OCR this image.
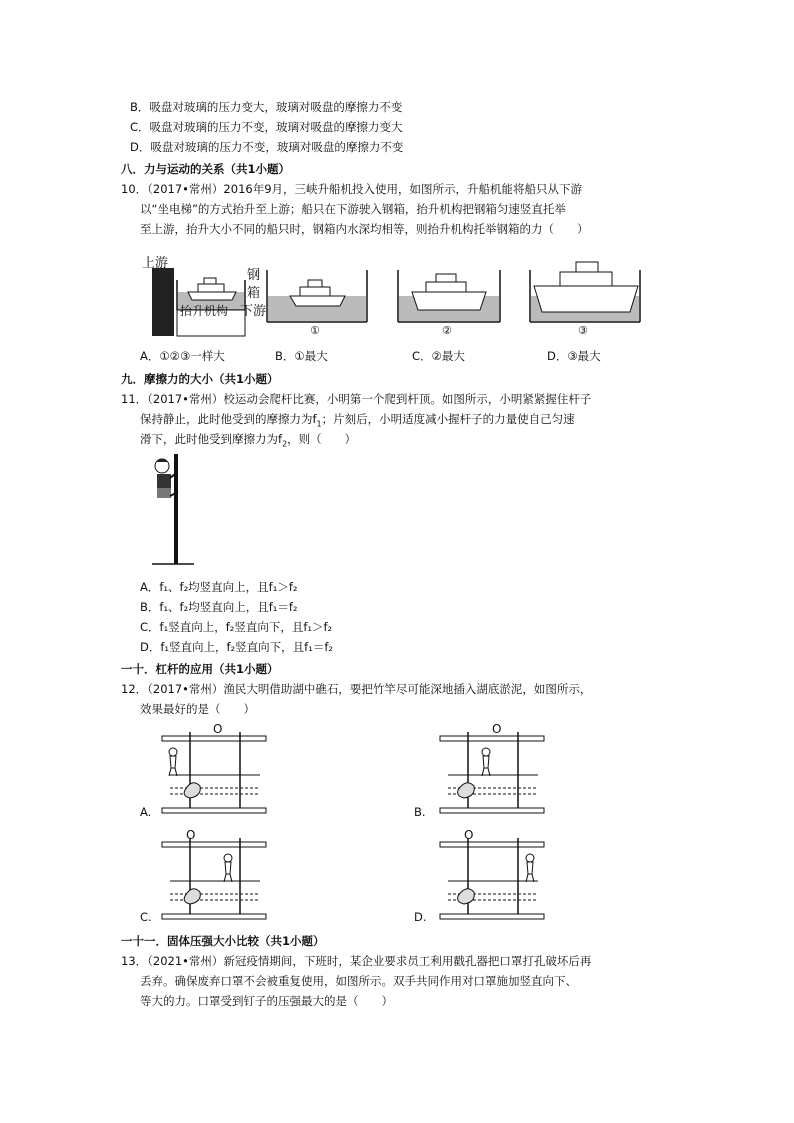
B．吸盘对玻璃的压力变大，玻璃对吸盘的摩擦力不变
C．吸盘对玻璃的压力不变，玻璃对吸盘的摩擦力变大
D．吸盘对玻璃的压力不变，玻璃对吸盘的摩擦力不变
八．力与运动的关系（共1小题）
10．（2017•常州）2016年9月，三峡升船机投入使用，如图所示，升船机能将船只从下游
以“坐电梯”的方式抬升至上游；船只在下游驶入钢箱，抬升机构把钢箱匀速竖直托举
至上游，抬升大小不同的船只时，钢箱内水深均相等，则抬升机构托举钢箱的力（　　）
上游
钢
箱
下游
抬升机构
①	②	③
A．①②③一样大	B．①最大	C．②最大	D．③最大
九．摩擦力的大小（共1小题）
11．（2017•常州）校运动会爬杆比赛，小明第一个爬到杆顶。如图所示，小明紧紧握住杆子
保持静止，此时他受到的摩擦力为$f_1$；片刻后，小明适度减小握杆子的力量使自己匀速
滑下，此时他受到摩擦力为$f_2$，则（　　）
A．f₁、f₂均竖直向上，且f₁＞f₂
B．f₁、f₂均竖直向上，且f₁＝f₂
C．f₁竖直向上，f₂竖直向下，且f₁＞f₂
D．f₁竖直向上，f₂竖直向下，且f₁＝f₂
一十．杠杆的应用（共1小题）
12．（2017•常州）渔民大明借助湖中礁石，要把竹竿尽可能深地插入湖底淤泥，如图所示，
效果最好的是（　　）
O
A.
O
B.
O
C.
O
D.
一十一．固体压强大小比较（共1小题）
13．（2021•常州）新冠疫情期间，下班时，某企业要求员工利用戳孔器把口罩打孔破坏后再
丢弃。确保废弃口罩不会被重复使用，如图所示。双手共同作用对口罩施加竖直向下、
等大的力。口罩受到钉子的压强最大的是（　　）
